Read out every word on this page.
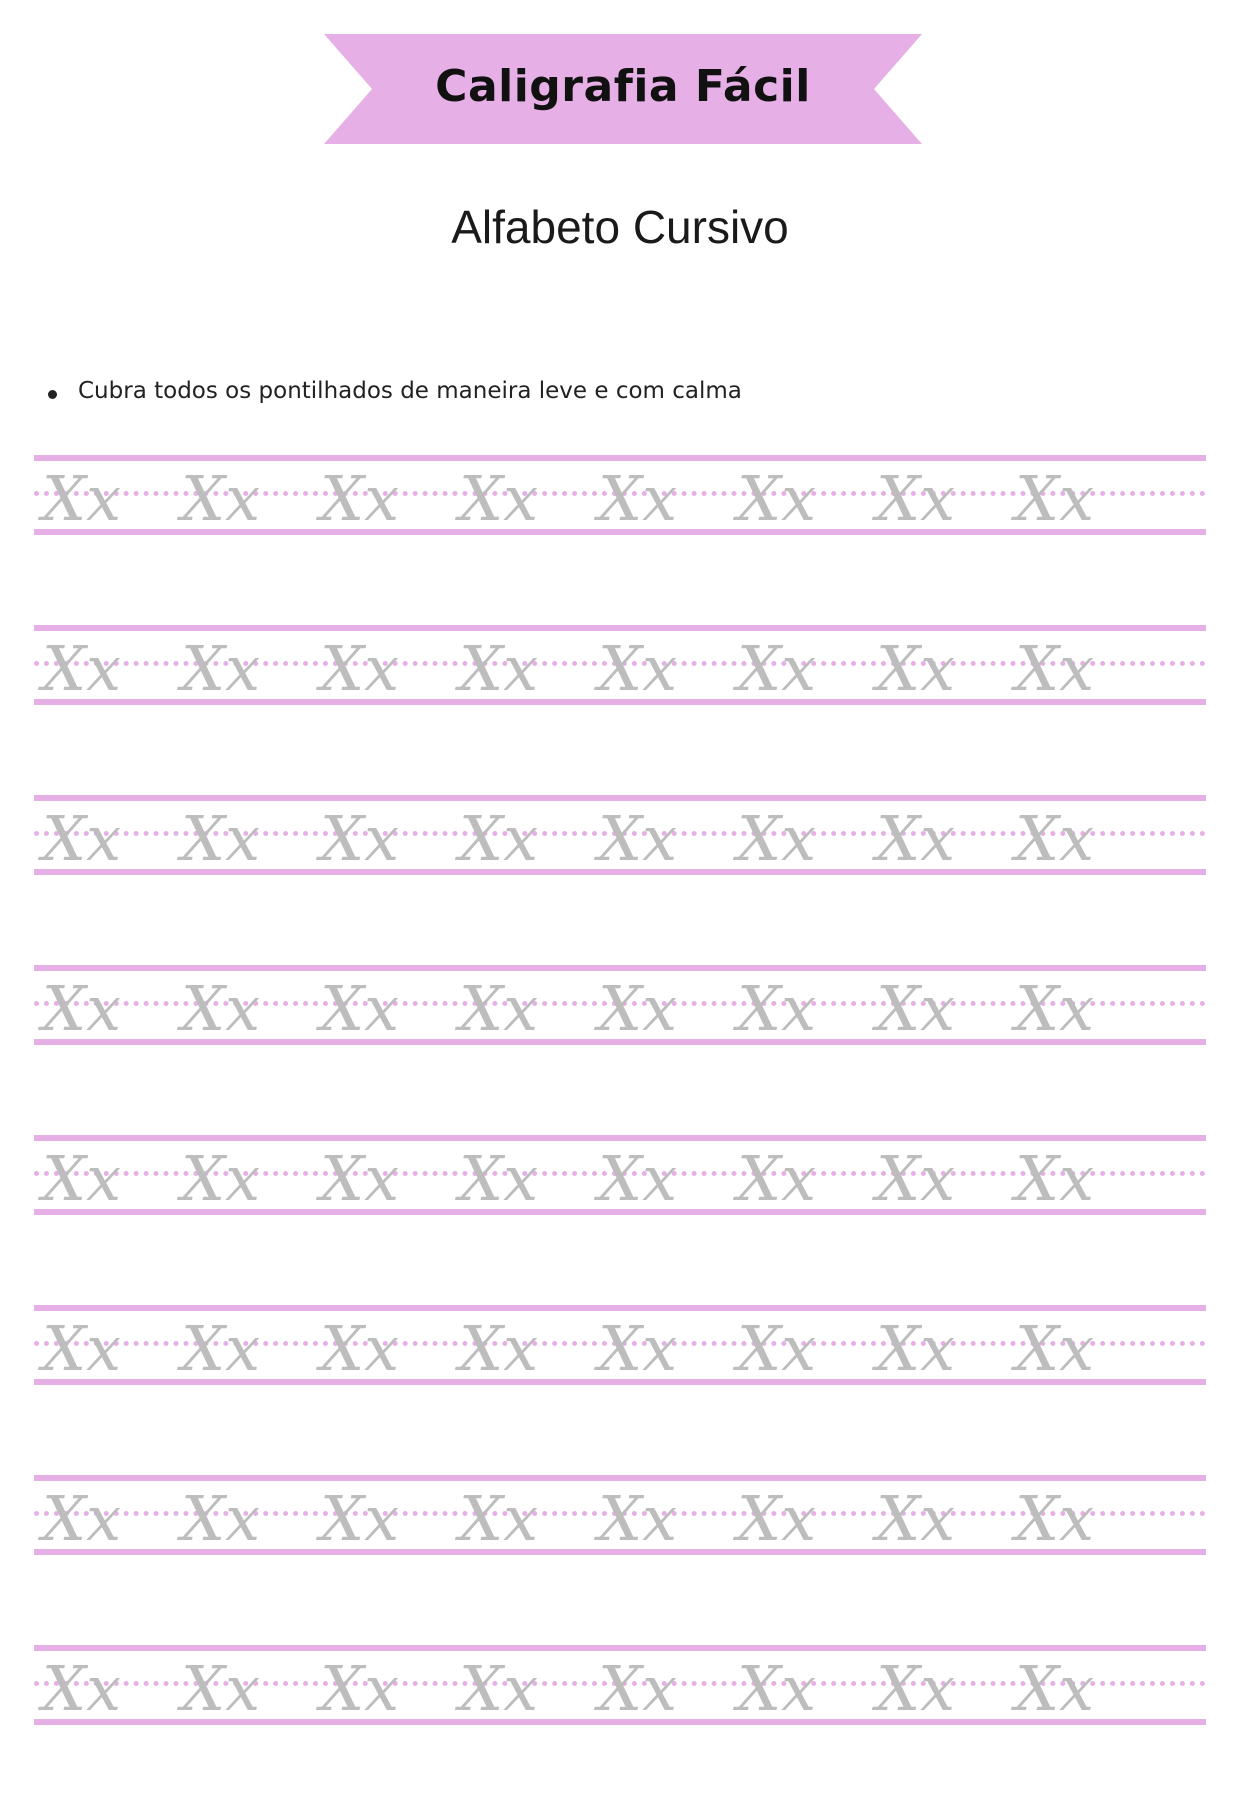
Caligrafia Fácil
Alfabeto Cursivo
Cubra todos os pontilhados de maneira leve e com calma
Xx Xx Xx Xx Xx Xx Xx Xx
Xx Xx Xx Xx Xx Xx Xx Xx
Xx Xx Xx Xx Xx Xx Xx Xx
Xx Xx Xx Xx Xx Xx Xx Xx
Xx Xx Xx Xx Xx Xx Xx Xx
Xx Xx Xx Xx Xx Xx Xx Xx
Xx Xx Xx Xx Xx Xx Xx Xx
Xx Xx Xx Xx Xx Xx Xx Xx
